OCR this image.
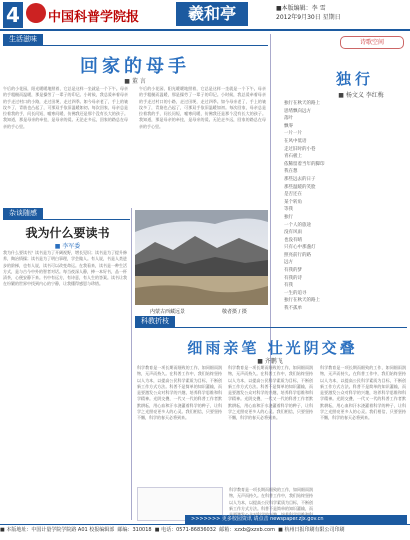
4 中国科普学院报	羲和亭	■本版编辑：李 雪
2012年9月30日 星期日
生活滋味
回家的母手
■ 董 言
午后的小花园，阳光暖暖地照着，它总是这样一坐就是一个下午。母亲的手粗糙而温暖，那是操劳了一辈子的印记。小时候，我总爱牵着母亲的手走过村口的小路，走过田埂，走过四季。如今母亲老了，手上的皱纹多了，青筋也凸起了，可那双手依旧温暖如初。每次回家，母亲总是拉着我的手，问长问短，嘘寒问暖，仿佛我还是那个没有长大的孩子。我知道，那是母亲的牵挂，是母亲的爱。无论走多远，回家的路总在母亲的手心里。
午后的小花园，阳光暖暖地照着，它总是这样一坐就是一个下午。母亲的手粗糙而温暖，那是操劳了一辈子的印记。小时候，我总爱牵着母亲的手走过村口的小路，走过田埂，走过四季。如今母亲老了，手上的皱纹多了，青筋也凸起了，可那双手依旧温暖如初。每次回家，母亲总是拉着我的手，问长问短，嘘寒问暖，仿佛我还是那个没有长大的孩子。我知道，那是母亲的牵挂，是母亲的爱。无论走多远，回家的路总在母亲的手心里。
杂谈随感
我为什么要读书
■ 李军委
我为什么要读书？读书是为了开阔视野，增长见识；读书是为了提升修养，陶冶情操；读书是为了明白事理，学会做人。有人说，书是人类进步的阶梯，也有人说，读书可以改变命运。在我看来，读书是一种生活方式，是与古今中外的智者对话。每当夜深人静，捧一本好书，品一杯清茶，心便安静下来。书中有远方，有诗意，有人生的答案。读书让我在纷繁的世界中找到内心的宁静，让我懂得感恩与珍惜。
内蒙古西藏远景	敬者摄 / 摄
科教折枝
细雨亲笔 壮光阴交叠
■ 齐鹏飞
科学教育是一项长期而细致的工作，如同细雨润物，无声而持久。在科普工作中，我们始终坚持以人为本，以提高公民科学素质为目标，不断创新工作方式方法。科普不是简单的知识灌输，而是要激发公众对科学的兴趣，培养科学思维和科学精神。光阴交叠，一代又一代的科普工作者默默耕耘，用心血和汗水浇灌着科学的种子，让科学之光照亮更多人的心灵。我们相信，只要坚持不懈，科学的春天必将到来。
科学教育是一项长期而细致的工作，如同细雨润物，无声而持久。在科普工作中，我们始终坚持以人为本，以提高公民科学素质为目标，不断创新工作方式方法。科普不是简单的知识灌输，而是要激发公众对科学的兴趣，培养科学思维和科学精神。光阴交叠，一代又一代的科普工作者默默耕耘，用心血和汗水浇灌着科学的种子，让科学之光照亮更多人的心灵。我们相信，只要坚持不懈，科学的春天必将到来。
科学教育是一项长期而细致的工作，如同细雨润物，无声而持久。在科普工作中，我们始终坚持以人为本，以提高公民科学素质为目标，不断创新工作方式方法。科普不是简单的知识灌输，而是要激发公众对科学的兴趣，培养科学思维和科学精神。光阴交叠，一代又一代的科普工作者默默耕耘，用心血和汗水浇灌着科学的种子，让科学之光照亮更多人的心灵。我们相信，只要坚持不懈，科学的春天必将到来。
科学教育是一项长期而细致的工作，如同细雨润物，无声而持久。在科普工作中，我们始终坚持以人为本，以提高公民科学素质为目标，不断创新工作方式方法。科普不是简单的知识灌输，而
诗歌空间
独行
■ 杨文义 李红梅
独行在秋天的路上
思绪飘向远方
落叶
飘零
一片一片
在风中低语
走过旧时的小巷
青石板上
依稀留着当年的脚印
我在想
那些远去的日子
那些温暖的笑脸
是否还在
某个转角
等我
独行
一个人的旅途
没有风雨
也没有晴
只有心中那盏灯
照亮前行的路
远方
有我的梦
有我的诗
有我
一生的追寻
独行在秋天的路上
我不孤单
>>>>>>> 更多校园资讯 请点击 newspaper.zjx.gov.cn
■ 本版地址：中国计量学院学院路 A01 校报编辑部 邮编：310018 ■ 电话：0571-86836032 邮箱：xzxb@xzxb.com ■ 杭州日报印刷有限公司印刷
